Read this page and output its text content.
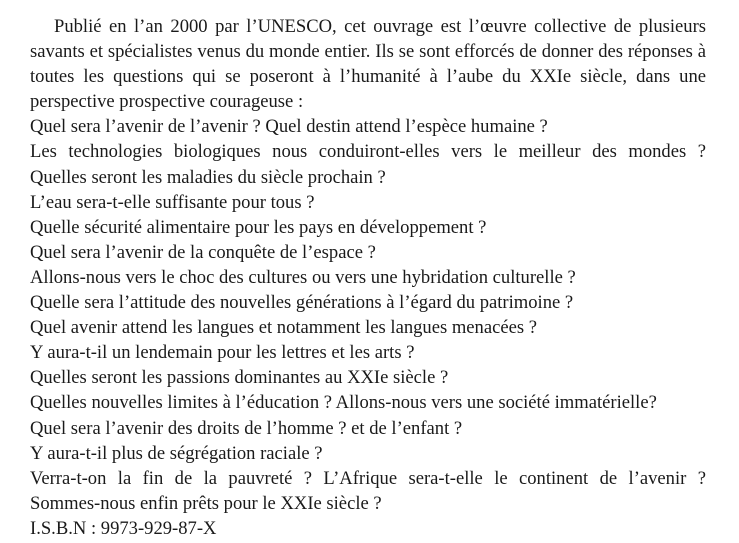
Publié en l’an 2000 par l’UNESCO, cet ouvrage est l’œuvre collective de plusieurs savants et spécialistes venus du monde entier. Ils se sont efforcés de donner des réponses à toutes les questions qui se poseront à l’humanité à l’aube du XXIe siècle, dans une perspective prospective courageuse :

Quel sera l’avenir de l’avenir ? Quel destin attend l’espèce humaine ?
Les technologies biologiques nous conduiront-elles vers le meilleur des mondes ?
Quelles seront les maladies du siècle prochain ?
L’eau sera-t-elle suffisante pour tous ?
Quelle sécurité alimentaire pour les pays en développement ?
Quel sera l’avenir de la conquête de l’espace ?
Allons-nous vers le choc des cultures ou vers une hybridation culturelle ?
Quelle sera l’attitude des nouvelles générations à l’égard du patrimoine ?
Quel avenir attend les langues et notamment les langues menacées ?
Y aura-t-il un lendemain pour les lettres et les arts ?
Quelles seront les passions dominantes au XXIe siècle ?
Quelles nouvelles limites à l’éducation ? Allons-nous vers une société immatérielle?
Quel sera l’avenir des droits de l’homme ? et de l’enfant ?
Y aura-t-il plus de ségrégation raciale ?
Verra-t-on la fin de la pauvreté ? L’Afrique sera-t-elle le continent de l’avenir ?
Sommes-nous enfin prêts pour le XXIe siècle ?

I.S.B.N : 9973-929-87-X
